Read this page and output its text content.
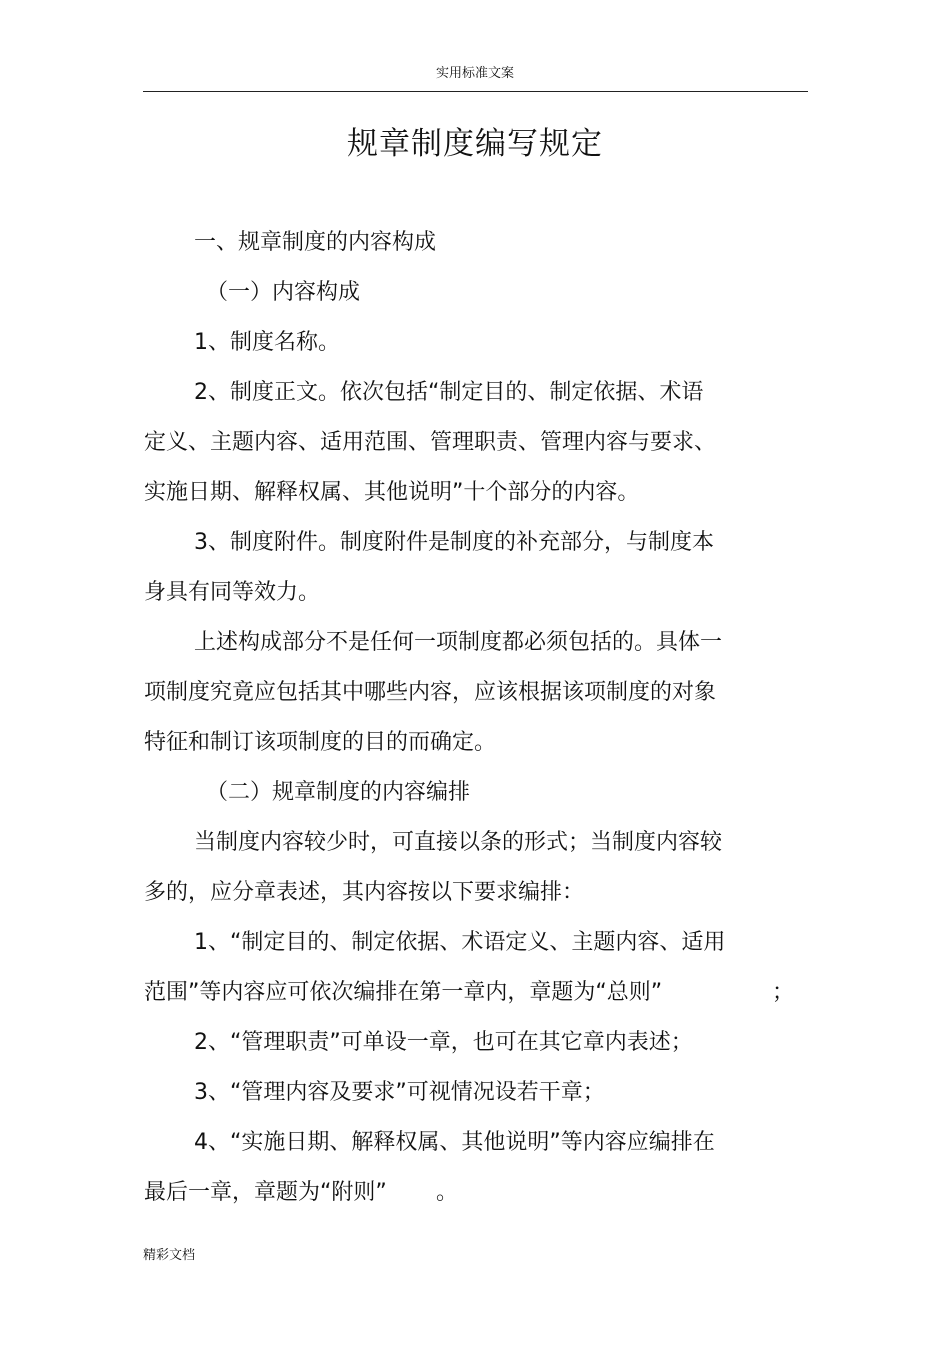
实用标准文案
规章制度编写规定
一、规章制度的内容构成
（一）内容构成
1、制度名称。
2、制度正文。依次包括“制定目的、制定依据、术语
定义、主题内容、适用范围、管理职责、管理内容与要求、
实施日期、解释权属、其他说明”十个部分的内容。
3、制度附件。制度附件是制度的补充部分，与制度本
身具有同等效力。
上述构成部分不是任何一项制度都必须包括的。具体一
项制度究竟应包括其中哪些内容，应该根据该项制度的对象
特征和制订该项制度的目的而确定。
（二）规章制度的内容编排
当制度内容较少时，可直接以条的形式；当制度内容较
多的，应分章表述，其内容按以下要求编排：
1、“制定目的、制定依据、术语定义、主题内容、适用
范围”等内容应可依次编排在第一章内，章题为“总则”	；
2、“管理职责”可单设一章，也可在其它章内表述；
3、“管理内容及要求”可视情况设若干章；
4、“实施日期、解释权属、其他说明”等内容应编排在
最后一章，章题为“附则” 。
精彩文档
